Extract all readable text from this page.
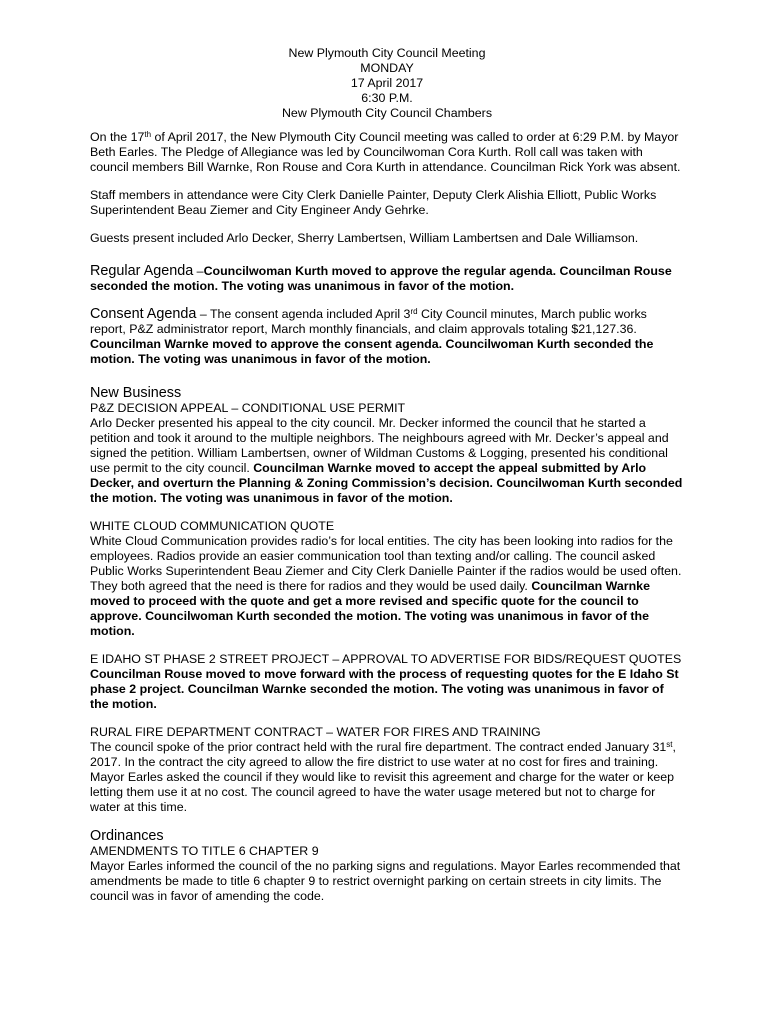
New Plymouth City Council Meeting
MONDAY
17 April 2017
6:30 P.M.
New Plymouth City Council Chambers

On the 17th of April 2017, the New Plymouth City Council meeting was called to order at 6:29 P.M. by Mayor Beth Earles. The Pledge of Allegiance was led by Councilwoman Cora Kurth. Roll call was taken with council members Bill Warnke, Ron Rouse and Cora Kurth in attendance. Councilman Rick York was absent.

Staff members in attendance were City Clerk Danielle Painter, Deputy Clerk Alishia Elliott, Public Works Superintendent Beau Ziemer and City Engineer Andy Gehrke.

Guests present included Arlo Decker, Sherry Lambertsen, William Lambertsen and Dale Williamson.

Regular Agenda –Councilwoman Kurth moved to approve the regular agenda. Councilman Rouse seconded the motion. The voting was unanimous in favor of the motion.

Consent Agenda – The consent agenda included April 3rd City Council minutes, March public works report, P&Z administrator report, March monthly financials, and claim approvals totaling $21,127.36. Councilman Warnke moved to approve the consent agenda. Councilwoman Kurth seconded the motion. The voting was unanimous in favor of the motion.

New Business
P&Z DECISION APPEAL – CONDITIONAL USE PERMIT

Arlo Decker presented his appeal to the city council. Mr. Decker informed the council that he started a petition and took it around to the multiple neighbors. The neighbours agreed with Mr. Decker’s appeal and signed the petition. William Lambertsen, owner of Wildman Customs & Logging, presented his conditional use permit to the city council. Councilman Warnke moved to accept the appeal submitted by Arlo Decker, and overturn the Planning & Zoning Commission’s decision. Councilwoman Kurth seconded the motion. The voting was unanimous in favor of the motion.

WHITE CLOUD COMMUNICATION QUOTE

White Cloud Communication provides radio’s for local entities. The city has been looking into radios for the employees. Radios provide an easier communication tool than texting and/or calling. The council asked Public Works Superintendent Beau Ziemer and City Clerk Danielle Painter if the radios would be used often. They both agreed that the need is there for radios and they would be used daily. Councilman Warnke moved to proceed with the quote and get a more revised and specific quote for the council to approve. Councilwoman Kurth seconded the motion. The voting was unanimous in favor of the motion.

E IDAHO ST PHASE 2 STREET PROJECT – APPROVAL TO ADVERTISE FOR BIDS/REQUEST QUOTES

Councilman Rouse moved to move forward with the process of requesting quotes for the E Idaho St phase 2 project. Councilman Warnke seconded the motion. The voting was unanimous in favor of the motion.

RURAL FIRE DEPARTMENT CONTRACT – WATER FOR FIRES AND TRAINING

The council spoke of the prior contract held with the rural fire department. The contract ended January 31st, 2017. In the contract the city agreed to allow the fire district to use water at no cost for fires and training. Mayor Earles asked the council if they would like to revisit this agreement and charge for the water or keep letting them use it at no cost. The council agreed to have the water usage metered but not to charge for water at this time.

Ordinances
AMENDMENTS TO TITLE 6 CHAPTER 9

Mayor Earles informed the council of the no parking signs and regulations. Mayor Earles recommended that amendments be made to title 6 chapter 9 to restrict overnight parking on certain streets in city limits. The council was in favor of amending the code.
